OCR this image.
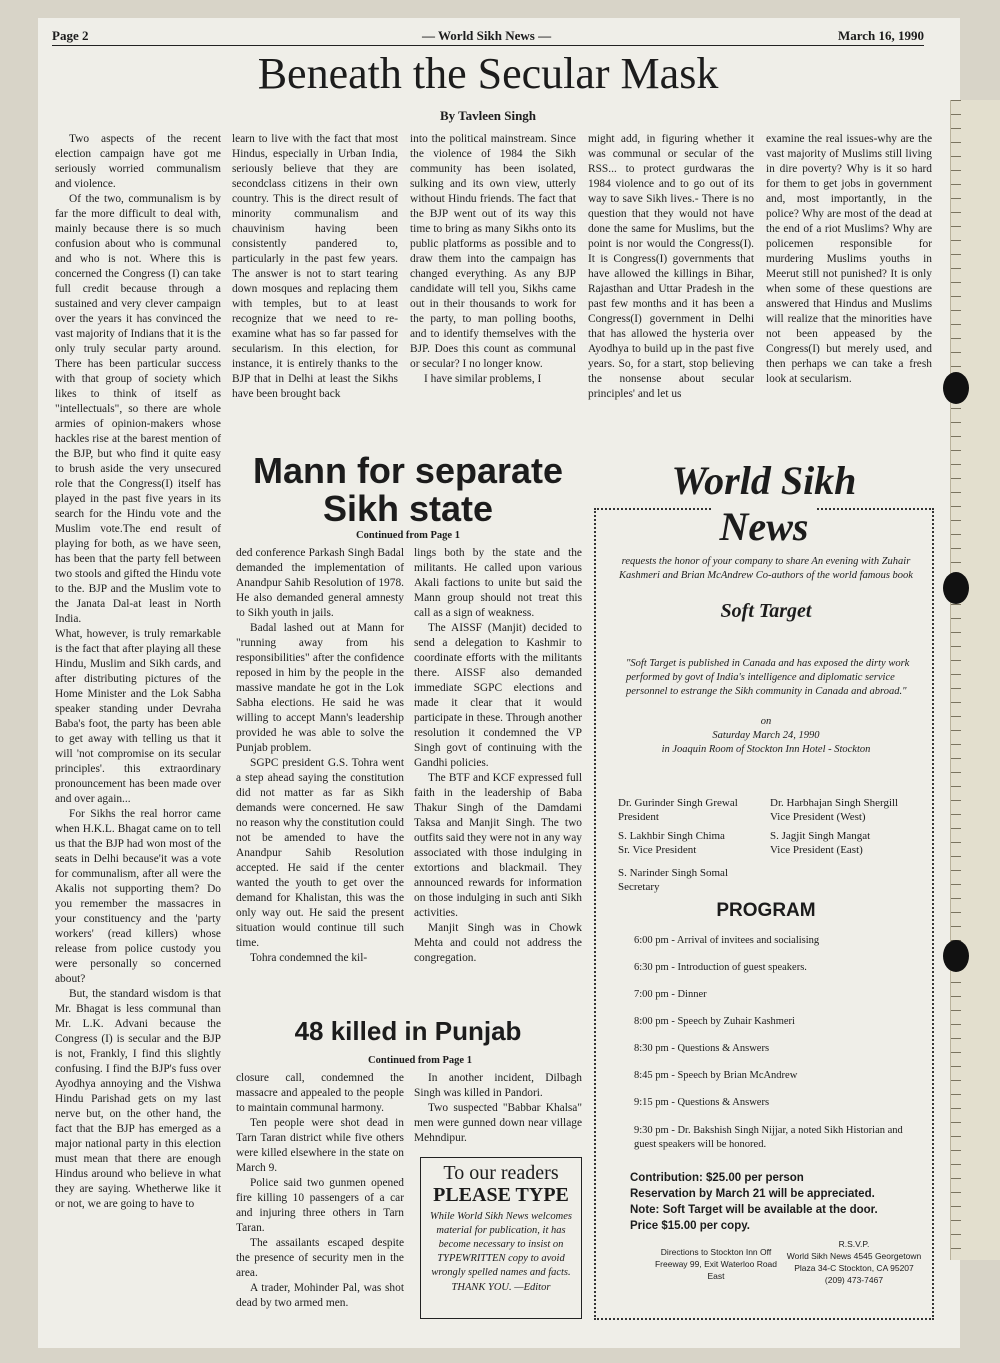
Page 2	— World Sikh News —	March 16, 1990
Beneath the Secular Mask
By Tavleen Singh

Two aspects of the recent election campaign have got me seriously worried communalism and violence.

Of the two, communalism is by far the more difficult to deal with, mainly because there is so much confusion about who is communal and who is not. Where this is concerned the Congress (I) can take full credit because through a sustained and very clever campaign over the years it has convinced the vast majority of Indians that it is the only truly secular party around. There has been particular success with that group of society which likes to think of itself as "intellectuals", so there are whole armies of opinion-makers whose hackles rise at the barest mention of the BJP, but who find it quite easy to brush aside the very unsecured role that the Congress(I) itself has played in the past five years in its search for the Hindu vote and the Muslim vote.The end result of playing for both, as we have seen, has been that the party fell between two stools and gifted the Hindu vote to the. BJP and the Muslim vote to the Janata Dal-at least in North India.

What, however, is truly remarkable is the fact that after playing all these Hindu, Muslim and Sikh cards, and after distributing pictures of the Home Minister and the Lok Sabha speaker standing under Devraha Baba's foot, the party has been able to get away with telling us that it will 'not compromise on its secular principles'. this extraordinary pronouncement has been made over and over again...

For Sikhs the real horror came when H.K.L. Bhagat came on to tell us that the BJP had won most of the seats in Delhi because'it was a vote for communalism, after all were the Akalis not supporting them? Do you remember the massacres in your constituency and the 'party workers' (read killers) whose release from police custody you were personally so concerned about?

But, the standard wisdom is that Mr. Bhagat is less communal than Mr. L.K. Advani because the Congress (I) is secular and the BJP is not, Frankly, I find this slightly confusing. I find the BJP's fuss over Ayodhya annoying and the Vishwa Hindu Parishad gets on my last nerve but, on the other hand, the fact that the BJP has emerged as a major national party in this election must mean that there are enough Hindus around who believe in what they are saying. Whetherwe like it or not, we are going to have to

learn to live with the fact that most Hindus, especially in Urban India, seriously believe that they are secondclass citizens in their own country. This is the direct result of minority communalism and chauvinism having been consistently pandered to, particularly in the past few years. The answer is not to start tearing down mosques and replacing them with temples, but to at least recognize that we need to re-examine what has so far passed for secularism. In this election, for instance, it is entirely thanks to the BJP that in Delhi at least the Sikhs have been brought back

into the political mainstream. Since the violence of 1984 the Sikh community has been isolated, sulking and its own view, utterly without Hindu friends. The fact that the BJP went out of its way this time to bring as many Sikhs onto its public platforms as possible and to draw them into the campaign has changed everything. As any BJP candidate will tell you, Sikhs came out in their thousands to work for the party, to man polling booths, and to identify themselves with the BJP. Does this count as communal or secular? I no longer know.

I have similar problems, I

might add, in figuring whether it was communal or secular of the RSS... to protect gurdwaras the 1984 violence and to go out of its way to save Sikh lives.- There is no question that they would not have done the same for Muslims, but the point is nor would the Congress(I). It is Congress(I) governments that have allowed the killings in Bihar, Rajasthan and Uttar Pradesh in the past few months and it has been a Congress(I) government in Delhi that has allowed the hysteria over Ayodhya to build up in the past five years. So, for a start, stop believing the nonsense about secular principles' and let us

examine the real issues-why are the vast majority of Muslims still living in dire poverty? Why is it so hard for them to get jobs in government and, most importantly, in the police? Why are most of the dead at the end of a riot Muslims? Why are policemen responsible for murdering Muslims youths in Meerut still not punished? It is only when some of these questions are answered that Hindus and Muslims will realize that the minorities have not been appeased by the Congress(I) but merely used, and then perhaps we can take a fresh look at secularism.

Mann for separate Sikh state
Continued from Page 1

ded conference Parkash Singh Badal demanded the implementation of Anandpur Sahib Resolution of 1978. He also demanded general amnesty to Sikh youth in jails.

Badal lashed out at Mann for "running away from his responsibilities" after the confidence reposed in him by the people in the massive mandate he got in the Lok Sabha elections. He said he was willing to accept Mann's leadership provided he was able to solve the Punjab problem.

SGPC president G.S. Tohra went a step ahead saying the constitution did not matter as far as Sikh demands were concerned. He saw no reason why the constitution could not be amended to have the Anandpur Sahib Resolution accepted. He said if the center wanted the youth to get over the demand for Khalistan, this was the only way out. He said the present situation would continue till such time.

Tohra condemned the kil-

lings both by the state and the militants. He called upon various Akali factions to unite but said the Mann group should not treat this call as a sign of weakness.

The AISSF (Manjit) decided to send a delegation to Kashmir to coordinate efforts with the militants there. AISSF also demanded immediate SGPC elections and made it clear that it would participate in these. Through another resolution it condemned the VP Singh govt of continuing with the Gandhi policies.

The BTF and KCF expressed full faith in the leadership of Baba Thakur Singh of the Damdami Taksa and Manjit Singh. The two outfits said they were not in any way associated with those indulging in extortions and blackmail. They announced rewards for information on those indulging in such anti Sikh activities.

Manjit Singh was in Chowk Mehta and could not address the congregation.

48 killed in Punjab
Continued from Page 1

closure call, condemned the massacre and appealed to the people to maintain communal harmony.

Ten people were shot dead in Tarn Taran district while five others were killed elsewhere in the state on March 9.

Police said two gunmen opened fire killing 10 passengers of a car and injuring three others in Tarn Taran.

The assailants escaped despite the presence of security men in the area.

A trader, Mohinder Pal, was shot dead by two armed men.

In another incident, Dilbagh Singh was killed in Pandori.

Two suspected "Babbar Khalsa" men were gunned down near village Mehndipur.

To our readers
PLEASE TYPE
While World Sikh News welcomes material for publication, it has become necessary to insist on TYPEWRITTEN copy to avoid wrongly spelled names and facts.
THANK YOU. —Editor
requests the honor of your company to share An evening with Zuhair Kashmeri and Brian McAndrew Co-authors of the world famous book
Soft Target
"Soft Target is published in Canada and has exposed the dirty work performed by govt of India's intelligence and diplomatic service personnel to estrange the Sikh community in Canada and abroad."
on
Saturday March 24, 1990
in Joaquin Room of Stockton Inn Hotel - Stockton
Dr. Gurinder Singh Grewal
President
Dr. Harbhajan Singh Shergill
Vice President (West)
S. Lakhbir Singh Chima
Sr. Vice President
S. Jagjit Singh Mangat
Vice President (East)
S. Narinder Singh Somal
Secretary
PROGRAM
6:00 pm - Arrival of invitees and socialising
6:30 pm - Introduction of guest speakers.
7:00 pm - Dinner
8:00 pm - Speech by Zuhair Kashmeri
8:30 pm - Questions & Answers
8:45 pm - Speech by Brian McAndrew
9:15 pm - Questions & Answers
9:30 pm - Dr. Bakshish Singh Nijjar, a noted Sikh Historian and guest speakers will be honored.
Contribution: $25.00 per person
Reservation by March 21 will be appreciated.
Note: Soft Target will be available at the door.
Price $15.00 per copy.
Directions to Stockton Inn Off Freeway 99, Exit Waterloo Road East
R.S.V.P.
World Sikh News 4545 Georgetown Plaza 34-C Stockton, CA 95207 (209) 473-7467
World Sikh
News
